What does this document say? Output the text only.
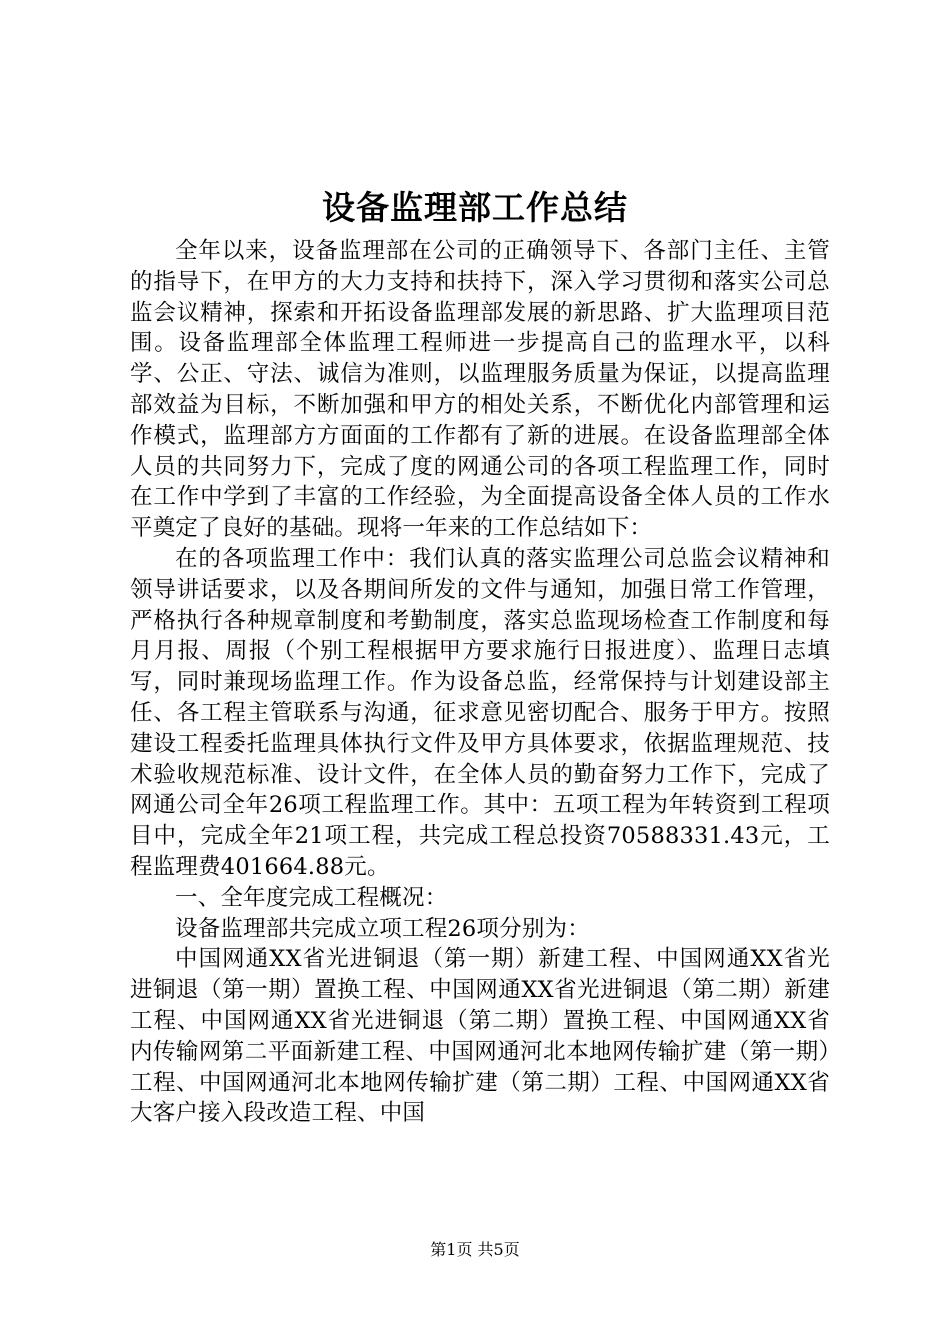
设备监理部工作总结

全年以来，设备监理部在公司的正确领导下、各部门主任、主管的指导下，在甲方的大力支持和扶持下，深入学习贯彻和落实公司总监会议精神，探索和开拓设备监理部发展的新思路、扩大监理项目范围。设备监理部全体监理工程师进一步提高自己的监理水平，以科学、公正、守法、诚信为准则，以监理服务质量为保证，以提高监理部效益为目标，不断加强和甲方的相处关系，不断优化内部管理和运作模式，监理部方方面面的工作都有了新的进展。在设备监理部全体人员的共同努力下，完成了度的网通公司的各项工程监理工作，同时在工作中学到了丰富的工作经验，为全面提高设备全体人员的工作水平奠定了良好的基础。现将一年来的工作总结如下：

在的各项监理工作中：我们认真的落实监理公司总监会议精神和领导讲话要求，以及各期间所发的文件与通知，加强日常工作管理，严格执行各种规章制度和考勤制度，落实总监现场检查工作制度和每月月报、周报（个别工程根据甲方要求施行日报进度）、监理日志填写，同时兼现场监理工作。作为设备总监，经常保持与计划建设部主任、各工程主管联系与沟通，征求意见密切配合、服务于甲方。按照建设工程委托监理具体执行文件及甲方具体要求，依据监理规范、技术验收规范标准、设计文件，在全体人员的勤奋努力工作下，完成了网通公司全年26项工程监理工作。其中：五项工程为年转资到工程项目中，完成全年21项工程，共完成工程总投资70588331.43元，工程监理费401664.88元。

一、全年度完成工程概况：

设备监理部共完成立项工程26项分别为：

中国网通XX省光进铜退（第一期）新建工程、中国网通XX省光进铜退（第一期）置换工程、中国网通XX省光进铜退（第二期）新建工程、中国网通XX省光进铜退（第二期）置换工程、中国网通XX省内传输网第二平面新建工程、中国网通河北本地网传输扩建（第一期）工程、中国网通河北本地网传输扩建（第二期）工程、中国网通XX省大客户接入段改造工程、中国

第1页 共5页
